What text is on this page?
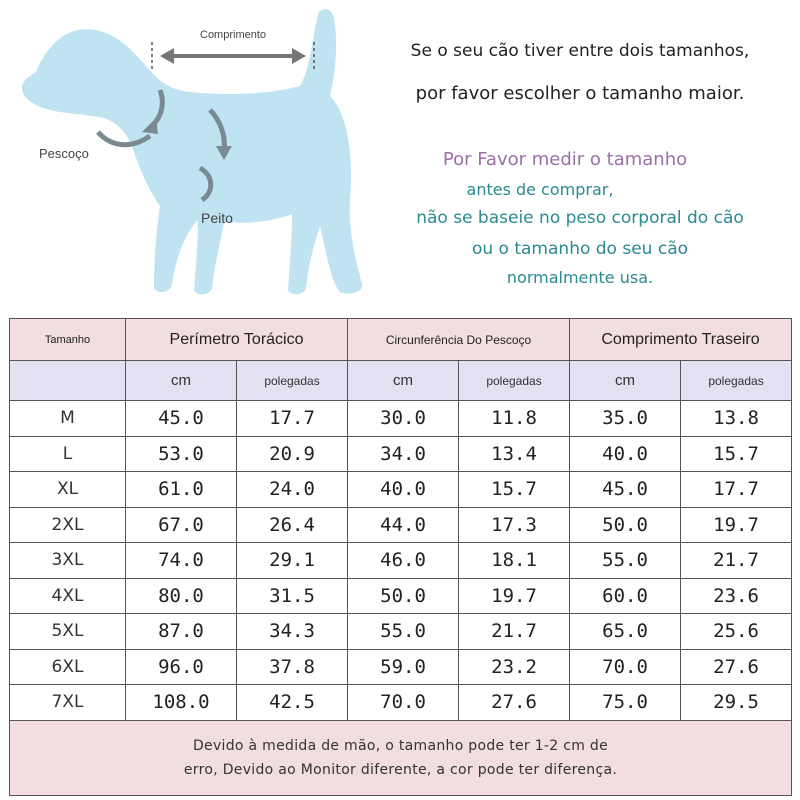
Comprimento
Pescoço
Peito
Se o seu cão tiver entre dois tamanhos,
por favor escolher o tamanho maior.
Por Favor medir o tamanho
antes de comprar,
não se baseie no peso corporal do cão
ou o tamanho do seu cão
normalmente usa.
Tamanho	Perímetro Torácico		Circunferência Do Pescoço		Comprimento Traseiro	
	cm	polegadas	cm	polegadas	cm	polegadas
M	45.0	17.7	30.0	11.8	35.0	13.8
L	53.0	20.9	34.0	13.4	40.0	15.7
XL	61.0	24.0	40.0	15.7	45.0	17.7
2XL	67.0	26.4	44.0	17.3	50.0	19.7
3XL	74.0	29.1	46.0	18.1	55.0	21.7
4XL	80.0	31.5	50.0	19.7	60.0	23.6
5XL	87.0	34.3	55.0	21.7	65.0	25.6
6XL	96.0	37.8	59.0	23.2	70.0	27.6
7XL	108.0	42.5	70.0	27.6	75.0	29.5

Devido à medida de mão, o tamanho pode ter 1-2 cm de
erro, Devido ao Monitor diferente, a cor pode ter diferença.						
